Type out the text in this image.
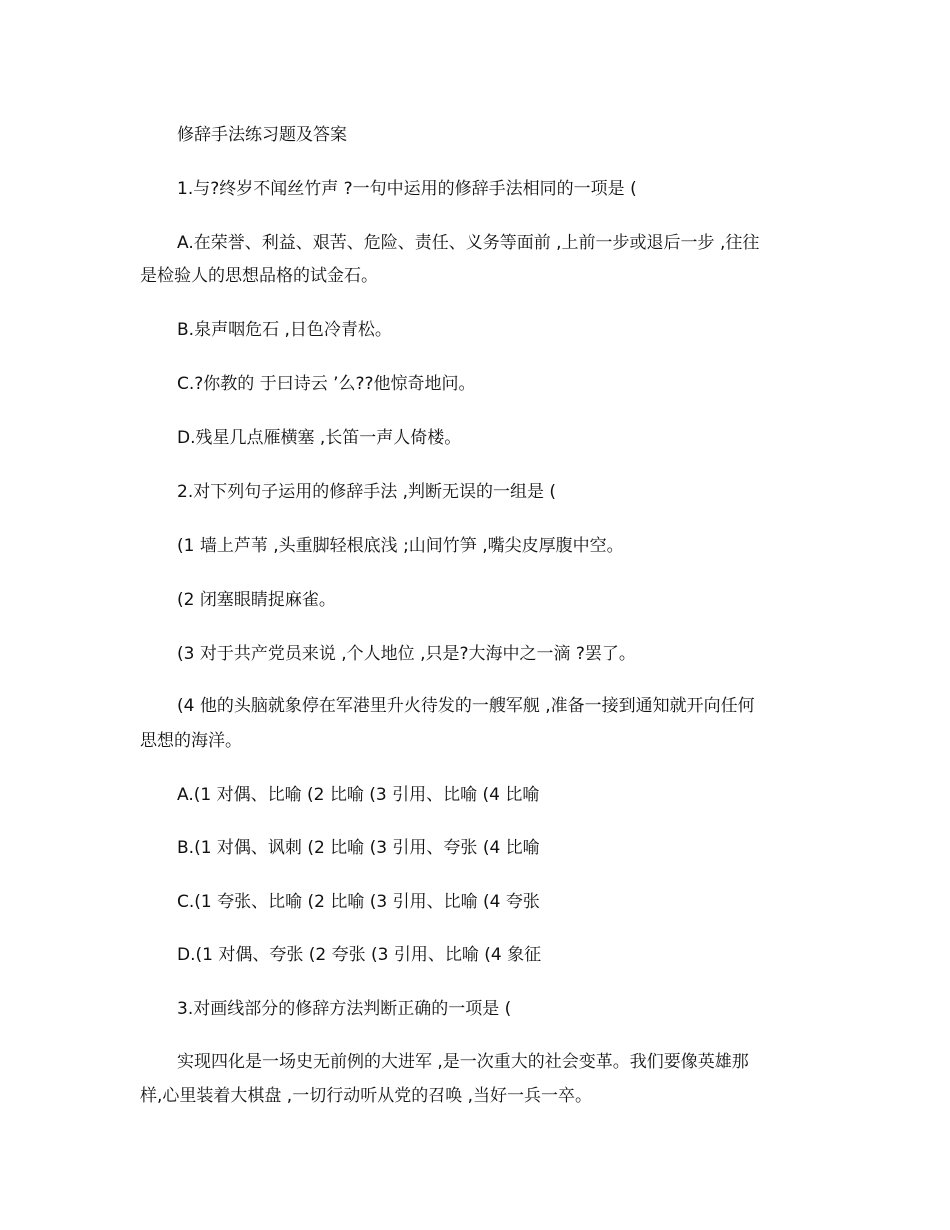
修辞手法练习题及答案
1.与?终岁不闻丝竹声 ?一句中运用的修辞手法相同的一项是 (
A.在荣誉、利益、艰苦、危险、责任、义务等面前 ,上前一步或退后一步 ,往往
是检验人的思想品格的试金石。
B.泉声咽危石 ,日色冷青松。
C.?你教的 于曰诗云 ’么??他惊奇地问。
D.残星几点雁横塞 ,长笛一声人倚楼。
2.对下列句子运用的修辞手法 ,判断无误的一组是 (
(1 墙上芦苇 ,头重脚轻根底浅 ;山间竹笋 ,嘴尖皮厚腹中空。
(2 闭塞眼睛捉麻雀。
(3 对于共产党员来说 ,个人地位 ,只是?大海中之一滴 ?罢了。
(4 他的头脑就象停在军港里升火待发的一艘军舰 ,准备一接到通知就开向任何
思想的海洋。
A.(1 对偶、比喻 (2 比喻 (3 引用、比喻 (4 比喻
B.(1 对偶、讽刺 (2 比喻 (3 引用、夸张 (4 比喻
C.(1 夸张、比喻 (2 比喻 (3 引用、比喻 (4 夸张
D.(1 对偶、夸张 (2 夸张 (3 引用、比喻 (4 象征
3.对画线部分的修辞方法判断正确的一项是 (
实现四化是一场史无前例的大进军 ,是一次重大的社会变革。我们要像英雄那
样,心里装着大棋盘 ,一切行动听从党的召唤 ,当好一兵一卒。
